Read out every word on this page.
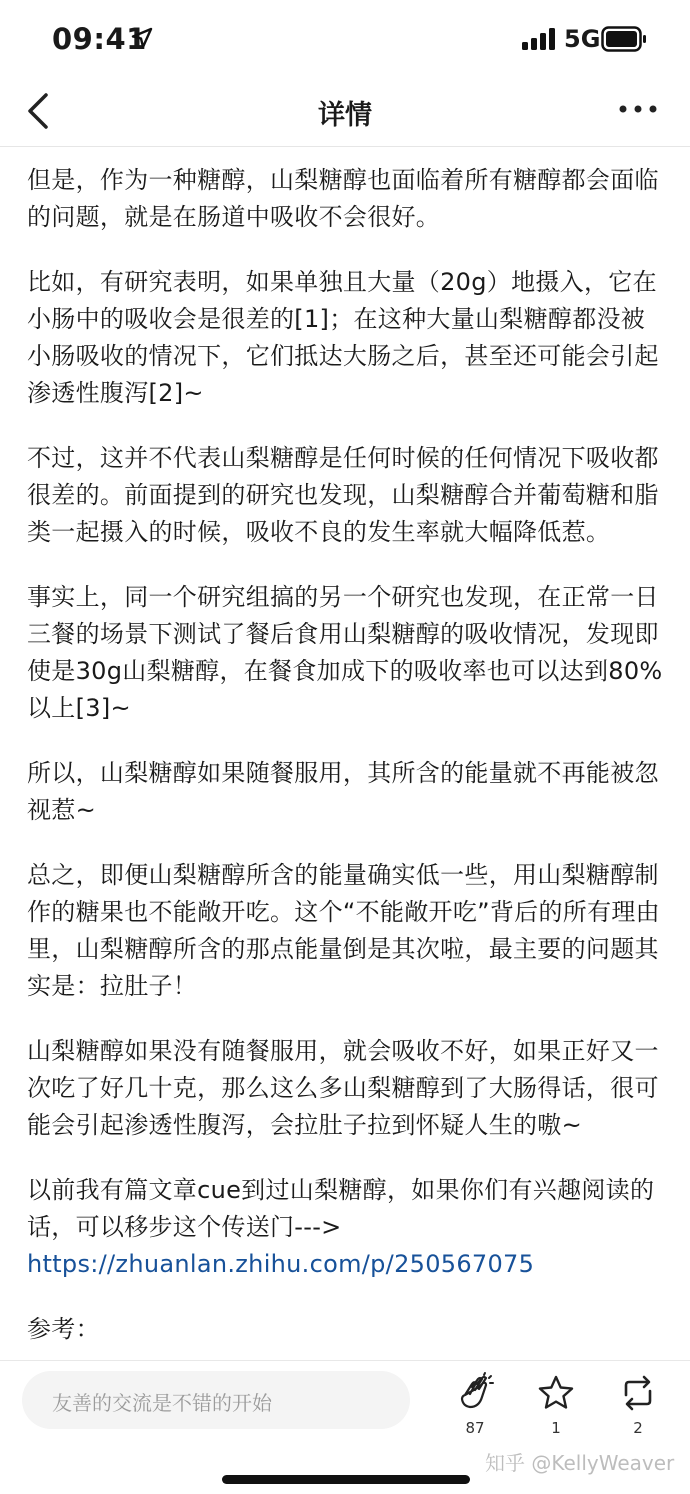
09:41	5G
详情

但是，作为一种糖醇，山梨糖醇也面临着所有糖醇都会面临的问题，就是在肠道中吸收不会很好。

比如，有研究表明，如果单独且大量（20g）地摄入，它在小肠中的吸收会是很差的[1]；在这种大量山梨糖醇都没被小肠吸收的情况下，它们抵达大肠之后，甚至还可能会引起渗透性腹泻[2]~

不过，这并不代表山梨糖醇是任何时候的任何情况下吸收都很差的。前面提到的研究也发现，山梨糖醇合并葡萄糖和脂类一起摄入的时候，吸收不良的发生率就大幅降低惹。

事实上，同一个研究组搞的另一个研究也发现，在正常一日三餐的场景下测试了餐后食用山梨糖醇的吸收情况，发现即使是30g山梨糖醇，在餐食加成下的吸收率也可以达到80%以上[3]~

所以，山梨糖醇如果随餐服用，其所含的能量就不再能被忽视惹~

总之，即便山梨糖醇所含的能量确实低一些，用山梨糖醇制作的糖果也不能敞开吃。这个“不能敞开吃”背后的所有理由里，山梨糖醇所含的那点能量倒是其次啦，最主要的问题其实是：拉肚子！

山梨糖醇如果没有随餐服用，就会吸收不好，如果正好又一次吃了好几十克，那么这么多山梨糖醇到了大肠得话，很可能会引起渗透性腹泻，会拉肚子拉到怀疑人生的嗷~

以前我有篇文章cue到过山梨糖醇，如果你们有兴趣阅读的话，可以移步这个传送门---> https://zhuanlan.zhihu.com/p/250567075

参考：

友善的交流是不错的开始
87	1	2
知乎 @KellyWeaver
